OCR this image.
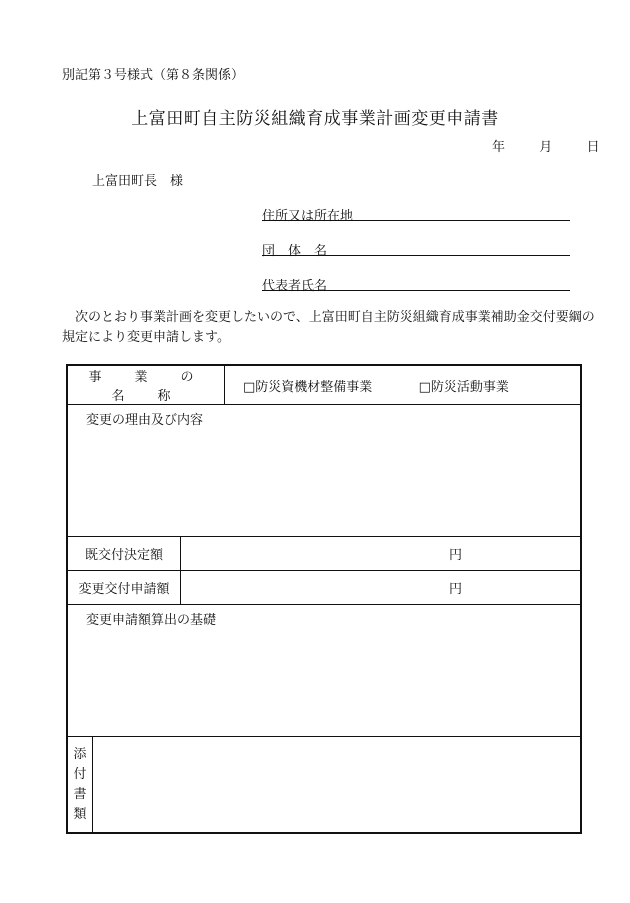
別記第３号様式（第８条関係）
上富田町自主防災組織育成事業計画変更申請書
年	月	日
上富田町長　様
住所又は所在地
団　体　名
代表者氏名
次のとおり事業計画を変更したいので、上富田町自主防災組織育成事業補助金交付要綱の規定により変更申請します。
事　業　の　名　称			□防災資機材整備事業 □防災活動事業
変更の理由及び内容			
既交付決定額		円	
変更交付申請額		円	
変更申請額算出の基礎			

添
付
書
類			
